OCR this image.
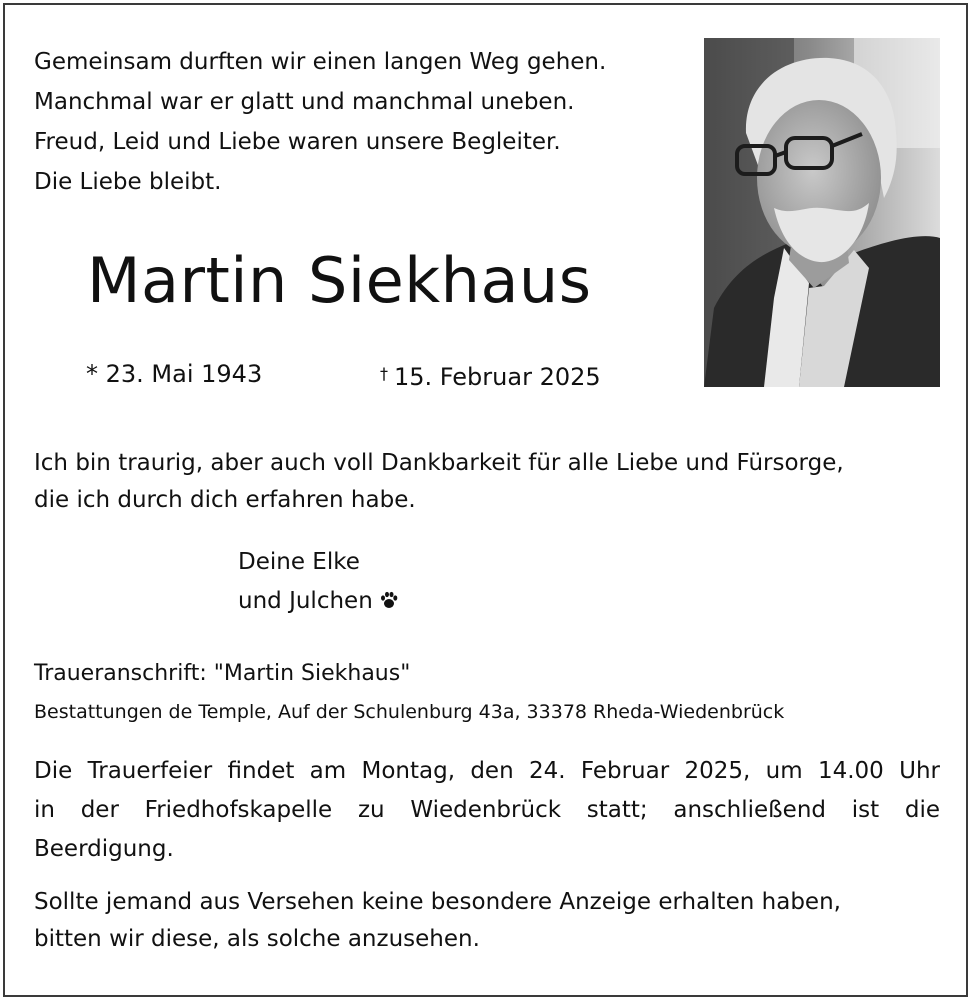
Gemeinsam durften wir einen langen Weg gehen.
Manchmal war er glatt und manchmal uneben.
Freud, Leid und Liebe waren unsere Begleiter.
Die Liebe bleibt.
Martin Siekhaus
* 23. Mai 1943	† 15. Februar 2025
Ich bin traurig, aber auch voll Dankbarkeit für alle Liebe und Fürsorge,
die ich durch dich erfahren habe.
Deine Elke
und Julchen
Traueranschrift: "Martin Siekhaus"
Bestattungen de Temple, Auf der Schulenburg 43a, 33378 Rheda-Wiedenbrück
Die Trauerfeier findet am Montag, den 24. Februar 2025, um 14.00 Uhr
in der Friedhofskapelle zu Wiedenbrück statt; anschließend ist die
Beerdigung.
Sollte jemand aus Versehen keine besondere Anzeige erhalten haben,
bitten wir diese, als solche anzusehen.
